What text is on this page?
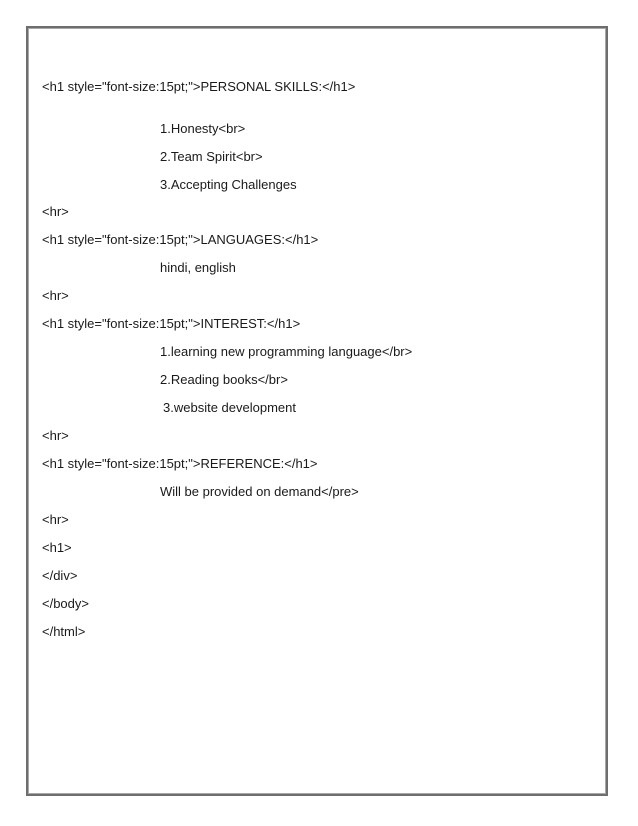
<h1 style="font-size:15pt;">PERSONAL SKILLS:</h1>

1.Honesty<br>

2.Team Spirit<br>

3.Accepting Challenges

<hr>

<h1 style="font-size:15pt;">LANGUAGES:</h1>

hindi, english

<hr>

<h1 style="font-size:15pt;">INTEREST:</h1>

1.learning new programming language</br>

2.Reading books</br>

3.website development

<hr>

<h1 style="font-size:15pt;">REFERENCE:</h1>

Will be provided on demand</pre>

<hr>

<h1>

</div>

</body>

</html>
